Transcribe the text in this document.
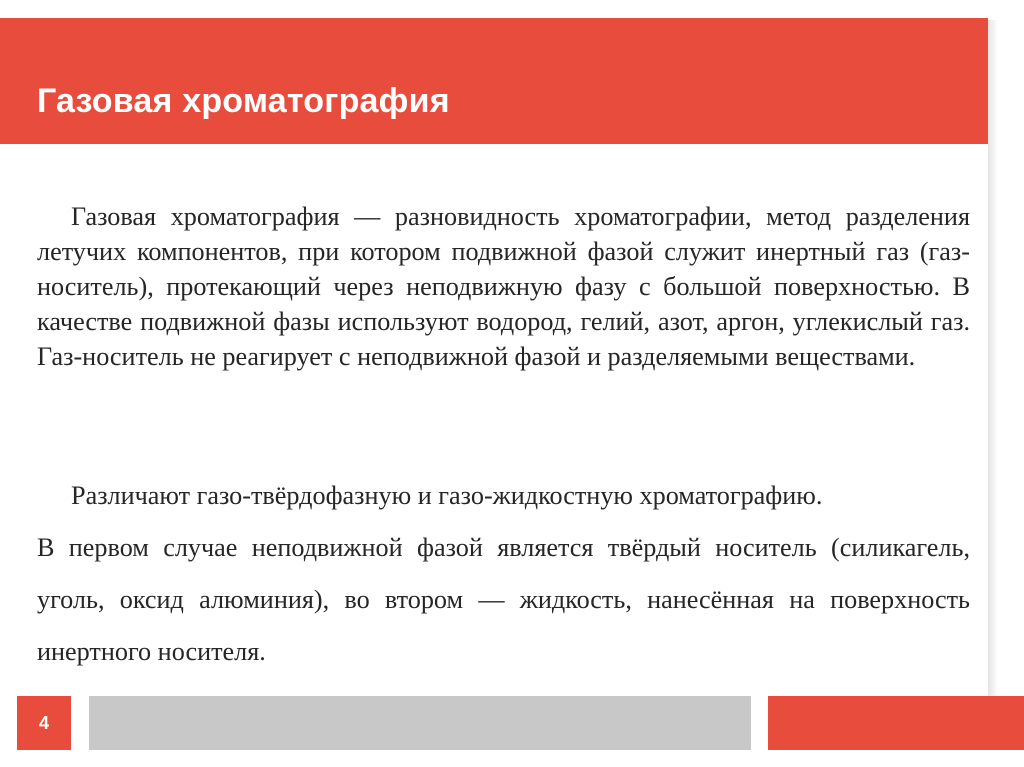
Газовая хроматография
Газовая хроматография — разновидность хроматографии, метод разделения летучих компонентов, при котором подвижной фазой служит инертный газ (газ-носитель), протекающий через неподвижную фазу с большой поверхностью. В качестве подвижной фазы используют водород, гелий, азот, аргон, углекислый газ. Газ-носитель не реагирует с неподвижной фазой и разделяемыми веществами.
Различают газо-твёрдофазную и газо-жидкостную хроматографию.
В первом случае неподвижной фазой является твёрдый носитель (силикагель, уголь, оксид алюминия), во втором — жидкость, нанесённая на поверхность инертного носителя.
4
